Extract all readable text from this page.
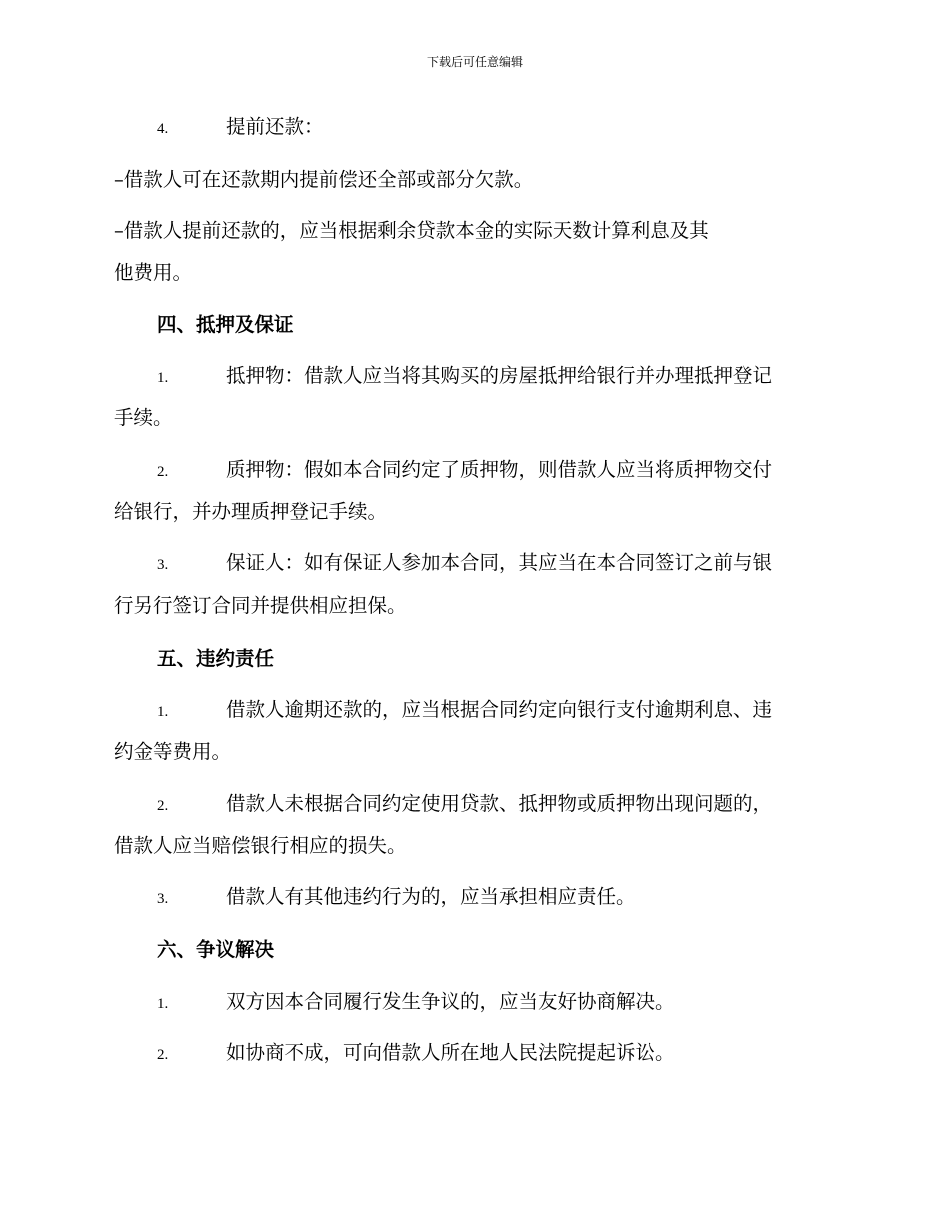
下载后可任意编辑
4.	提前还款：
–借款人可在还款期内提前偿还全部或部分欠款。
–借款人提前还款的，应当根据剩余贷款本金的实际天数计算利息及其
他费用。
四、抵押及保证
1.	抵押物：借款人应当将其购买的房屋抵押给银行并办理抵押登记
手续。
2.	质押物：假如本合同约定了质押物，则借款人应当将质押物交付
给银行，并办理质押登记手续。
3.	保证人：如有保证人参加本合同，其应当在本合同签订之前与银
行另行签订合同并提供相应担保。
五、违约责任
1.	借款人逾期还款的，应当根据合同约定向银行支付逾期利息、违
约金等费用。
2.	借款人未根据合同约定使用贷款、抵押物或质押物出现问题的，
借款人应当赔偿银行相应的损失。
3.	借款人有其他违约行为的，应当承担相应责任。
六、争议解决
1.	双方因本合同履行发生争议的，应当友好协商解决。
2.	如协商不成，可向借款人所在地人民法院提起诉讼。
